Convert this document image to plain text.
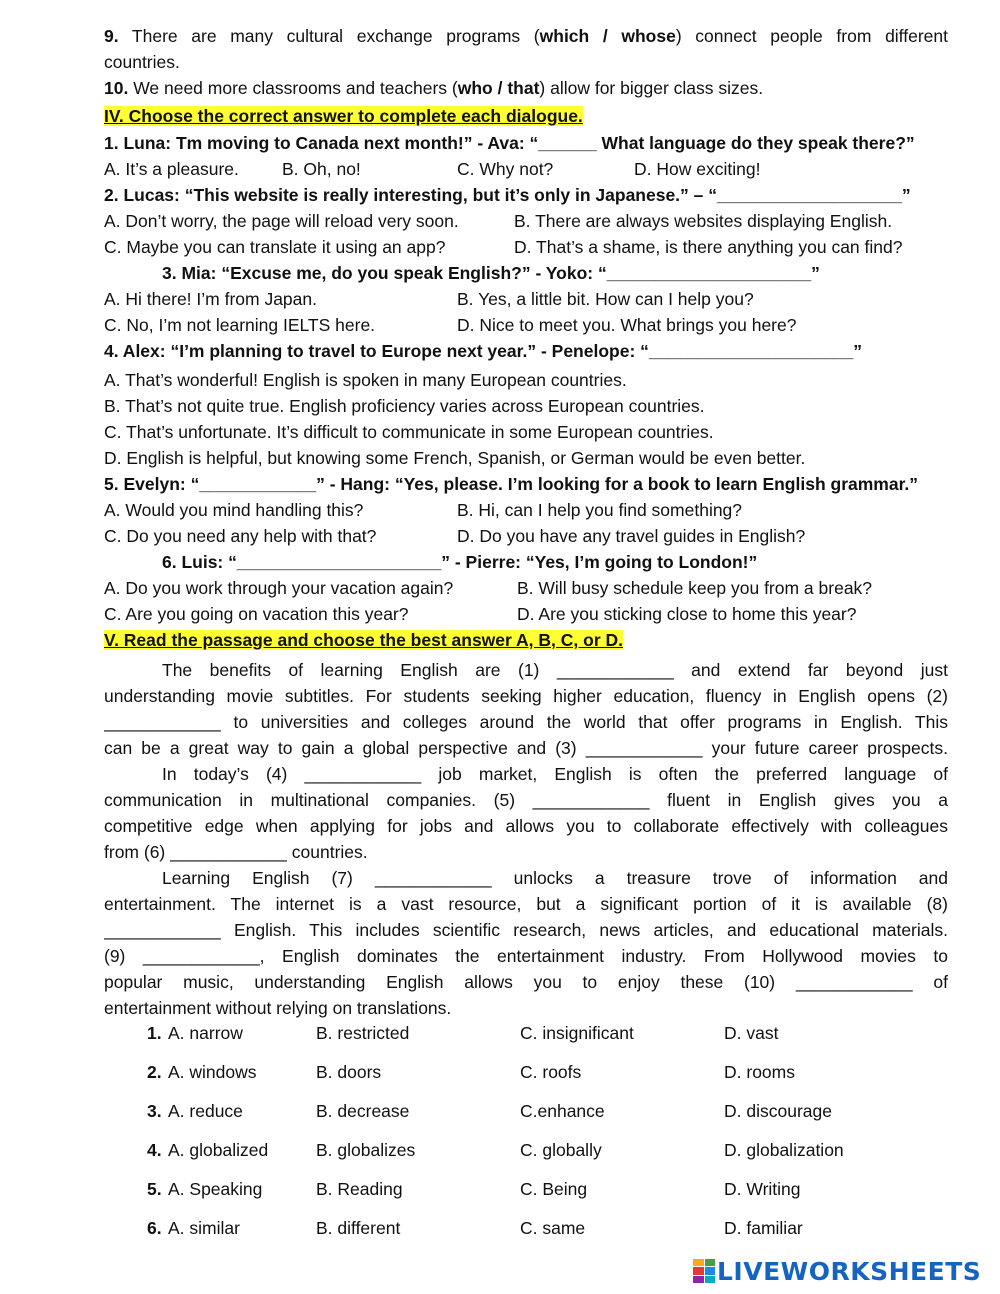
9. There are many cultural exchange programs (which / whose) connect people from different
countries.
10. We need more classrooms and teachers (who / that) allow for bigger class sizes.
IV. Choose the correct answer to complete each dialogue.
1. Luna: Tm moving to Canada next month!” - Ava: “______ What language do they speak there?”
A. It’s a pleasure. B. Oh, no!	C. Why not?	D. How exciting!
2. Lucas: “This website is really interesting, but it’s only in Japanese.” – “___________________”
A. Don’t worry, the page will reload very soon.	B. There are always websites displaying English.
C. Maybe you can translate it using an app?	D. That’s a shame, is there anything you can find?
3. Mia: “Excuse me, do you speak English?” - Yoko: “_____________________”
A. Hi there! I’m from Japan.	B. Yes, a little bit. How can I help you?
C. No, I’m not learning IELTS here.	D. Nice to meet you. What brings you here?
4. Alex: “I’m planning to travel to Europe next year.” - Penelope: “_____________________”
A. That’s wonderful! English is spoken in many European countries.
B. That’s not quite true. English proficiency varies across European countries.
C. That’s unfortunate. It’s difficult to communicate in some European countries.
D. English is helpful, but knowing some French, Spanish, or German would be even better.
5. Evelyn: “____________” - Hang: “Yes, please. I’m looking for a book to learn English grammar.”
A. Would you mind handling this?	B. Hi, can I help you find something?
C. Do you need any help with that?	D. Do you have any travel guides in English?
6. Luis: “_____________________” - Pierre: “Yes, I’m going to London!”
A. Do you work through your vacation again?	B. Will busy schedule keep you from a break?
C. Are you going on vacation this year?	D. Are you sticking close to home this year?
V. Read the passage and choose the best answer A, B, C, or D.
The benefits of learning English are (1) ____________ and extend far beyond just
understanding movie subtitles. For students seeking higher education, fluency in English opens (2)
____________ to universities and colleges around the world that offer programs in English. This
can be a great way to gain a global perspective and (3) ____________ your future career prospects.
In today’s (4) ____________ job market, English is often the preferred language of
communication in multinational companies. (5) ____________ fluent in English gives you a
competitive edge when applying for jobs and allows you to collaborate effectively with colleagues
from (6) ____________ countries.
Learning English (7) ____________ unlocks a treasure trove of information and
entertainment. The internet is a vast resource, but a significant portion of it is available (8)
____________ English. This includes scientific research, news articles, and educational materials.
(9) ____________, English dominates the entertainment industry. From Hollywood movies to
popular music, understanding English allows you to enjoy these (10) ____________ of
entertainment without relying on translations.
1. A. narrow	B. restricted	C. insignificant	D. vast
2. A. windows	B. doors	C. roofs	D. rooms
3. A. reduce	B. decrease	C.enhance	D. discourage
4. A. globalized	B. globalizes	C. globally	D. globalization
5. A. Speaking	B. Reading	C. Being	D. Writing
6. A. similar	B. different	C. same	D. familiar
LIVEWORKSHEETS
